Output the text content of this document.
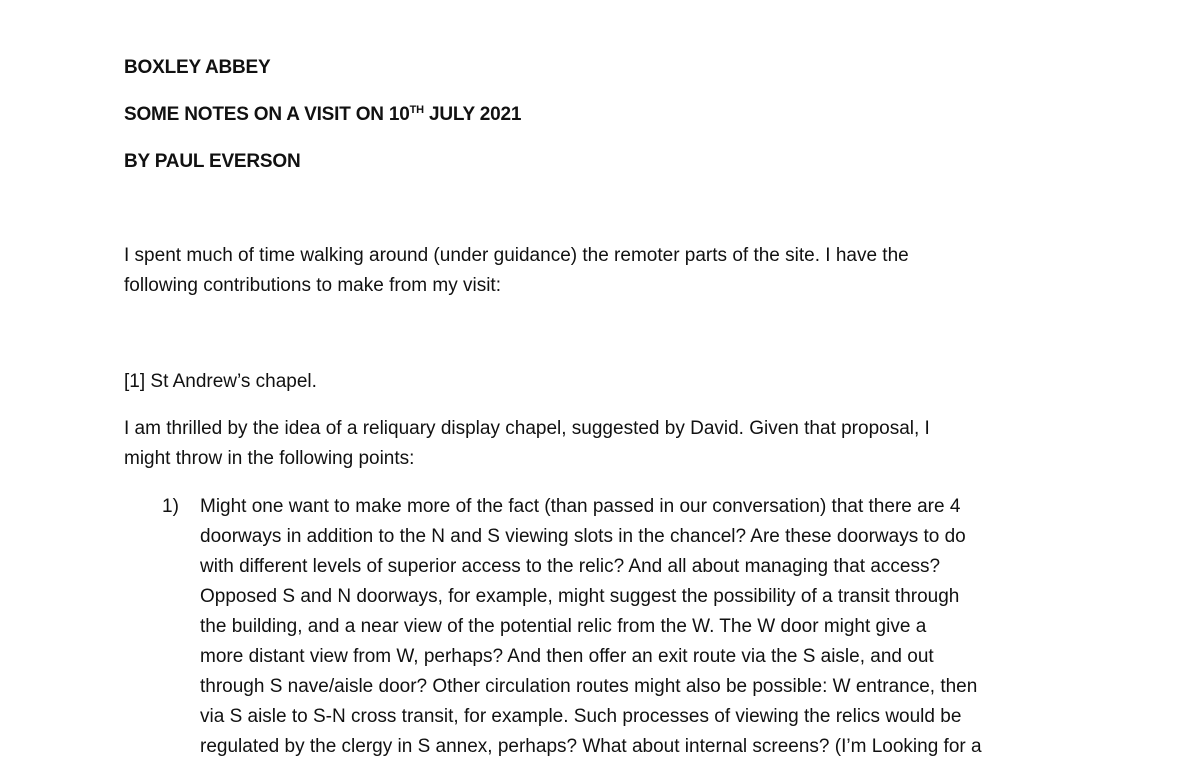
BOXLEY ABBEY
SOME NOTES ON A VISIT ON 10TH JULY 2021
BY PAUL EVERSON
I spent much of time walking around (under guidance) the remoter parts of the site. I have the
following contributions to make from my visit:
[1] St Andrew’s chapel.
I am thrilled by the idea of a reliquary display chapel, suggested by David. Given that proposal, I
might throw in the following points:
1) Might one want to make more of the fact (than passed in our conversation) that there are 4
doorways in addition to the N and S viewing slots in the chancel? Are these doorways to do
with different levels of superior access to the relic? And all about managing that access?
Opposed S and N doorways, for example, might suggest the possibility of a transit through
the building, and a near view of the potential relic from the W. The W door might give a
more distant view from W, perhaps? And then offer an exit route via the S aisle, and out
through S nave/aisle door? Other circulation routes might also be possible: W entrance, then
via S aisle to S-N cross transit, for example. Such processes of viewing the relics would be
regulated by the clergy in S annex, perhaps? What about internal screens? (I’m Looking for a
